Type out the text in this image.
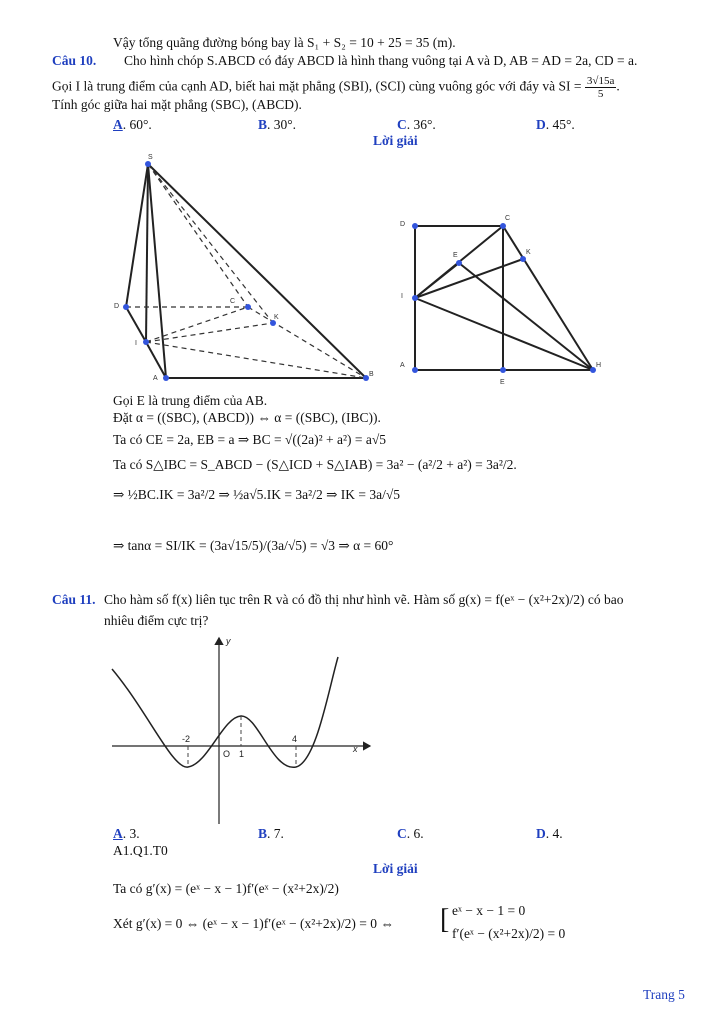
Vậy tổng quãng đường bóng bay là S₁ + S₂ = 10 + 25 = 35 (m).
Câu 10. Cho hình chóp S.ABCD có đáy ABCD là hình thang vuông tại A và D, AB = AD = 2a, CD = a.
Gọi I là trung điểm của cạnh AD, biết hai mặt phẳng (SBI), (SCI) cùng vuông góc với đáy và SI = $\frac{3√15a}{5}$ .
Tính góc giữa hai mặt phẳng (SBC), (ABCD).
A. 60°.	B. 30°.	C. 36°.	D. 45°.
Lời giải
S
D
C
K
I
A
B
D
C
E	K
I
A	H
E
Gọi E là trung điểm của AB.
Đặt α = ((SBC), (ABCD)) ⇔ α = ((SBC), (IBC)).
Ta có CE = 2a, EB = a ⇒ BC = √((2a)² + a²) = a√5
Ta có S△IBC = S_ABCD − (S△ICD + S△IAB) = 3a² − (a²/2 + a²) = 3a²/2.
⇒ ½BC.IK = 3a²/2 ⇒ ½a√5.IK = 3a²/2 ⇒ IK = 3a/√5
⇒ tanα = SI/IK = (3a√15/5)/(3a/√5) = √3 ⇒ α = 60°
Câu 11. Cho hàm số f(x) liên tục trên R và có đồ thị như hình vẽ. Hàm số g(x) = f(eˣ − (x²+2x)/2) có bao
nhiêu điểm cực trị?
y
x
-2
O 1
4
A. 3.	B. 7.	C. 6.	D. 4.
A1.Q1.T0
Lời giải
Ta có g′(x) = (eˣ − x − 1)f′(eˣ − (x²+2x)/2)
Xét g′(x) = 0 ⇔ (eˣ − x − 1)f′(eˣ − (x²+2x)/2) = 0 ⇔ [ eˣ − x − 1 = 0
f′(eˣ − (x²+2x)/2) = 0
Trang 5
